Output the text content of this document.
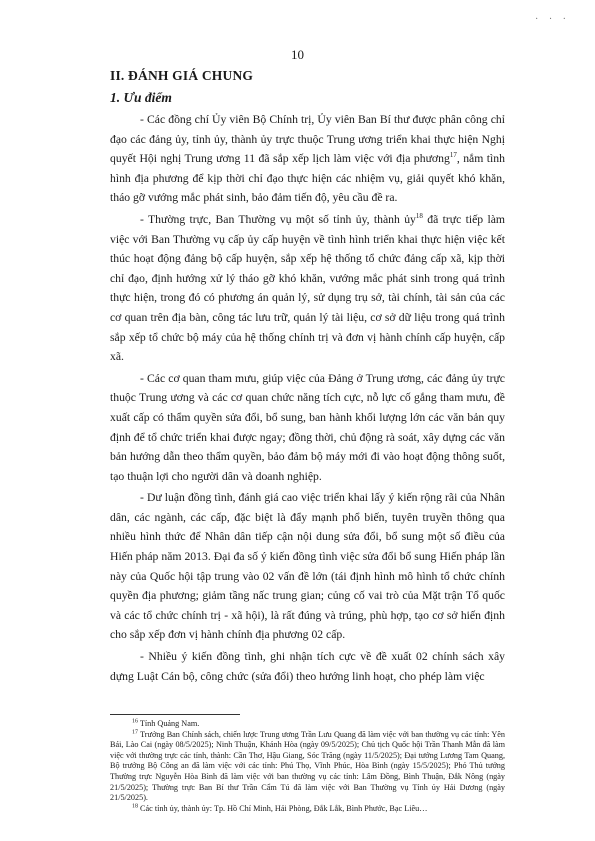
· · ·
10
II. ĐÁNH GIÁ CHUNG
1. Ưu điểm

- Các đồng chí Ủy viên Bộ Chính trị, Ủy viên Ban Bí thư được phân công chỉ đạo các đảng ủy, tỉnh ủy, thành ủy trực thuộc Trung ương triển khai thực hiện Nghị quyết Hội nghị Trung ương 11 đã sắp xếp lịch làm việc với địa phương$^{17}$, nắm tình hình địa phương để kịp thời chỉ đạo thực hiện các nhiệm vụ, giải quyết khó khăn, tháo gỡ vướng mắc phát sinh, bảo đảm tiến độ, yêu cầu đề ra.

- Thường trực, Ban Thường vụ một số tỉnh ủy, thành ủy$^{18}$ đã trực tiếp làm việc với Ban Thường vụ cấp ủy cấp huyện về tình hình triển khai thực hiện việc kết thúc hoạt động đảng bộ cấp huyện, sắp xếp hệ thống tổ chức đảng cấp xã, kịp thời chỉ đạo, định hướng xử lý tháo gỡ khó khăn, vướng mắc phát sinh trong quá trình thực hiện, trong đó có phương án quản lý, sử dụng trụ sở, tài chính, tài sản của các cơ quan trên địa bàn, công tác lưu trữ, quản lý tài liệu, cơ sở dữ liệu trong quá trình sắp xếp tổ chức bộ máy của hệ thống chính trị và đơn vị hành chính cấp huyện, cấp xã.

- Các cơ quan tham mưu, giúp việc của Đảng ở Trung ương, các đảng ủy trực thuộc Trung ương và các cơ quan chức năng tích cực, nỗ lực cố gắng tham mưu, đề xuất cấp có thẩm quyền sửa đổi, bổ sung, ban hành khối lượng lớn các văn bản quy định để tổ chức triển khai được ngay; đồng thời, chủ động rà soát, xây dựng các văn bản hướng dẫn theo thẩm quyền, bảo đảm bộ máy mới đi vào hoạt động thông suốt, tạo thuận lợi cho người dân và doanh nghiệp.

- Dư luận đồng tình, đánh giá cao việc triển khai lấy ý kiến rộng rãi của Nhân dân, các ngành, các cấp, đặc biệt là đẩy mạnh phổ biến, tuyên truyền thông qua nhiều hình thức để Nhân dân tiếp cận nội dung sửa đổi, bổ sung một số điều của Hiến pháp năm 2013. Đại đa số ý kiến đồng tình việc sửa đổi bổ sung Hiến pháp lần này của Quốc hội tập trung vào 02 vấn đề lớn (tái định hình mô hình tổ chức chính quyền địa phương; giảm tầng nấc trung gian; củng cố vai trò của Mặt trận Tổ quốc và các tổ chức chính trị - xã hội), là rất đúng và trúng, phù hợp, tạo cơ sở hiến định cho sắp xếp đơn vị hành chính địa phương 02 cấp.

- Nhiều ý kiến đồng tình, ghi nhận tích cực về đề xuất 02 chính sách xây dựng Luật Cán bộ, công chức (sửa đổi) theo hướng linh hoạt, cho phép làm việc

$^{16}$ Tỉnh Quảng Nam.

$^{17}$ Trưởng Ban Chính sách, chiến lược Trung ương Trần Lưu Quang đã làm việc với ban thường vụ các tỉnh: Yên Bái, Lào Cai (ngày 08/5/2025); Ninh Thuận, Khánh Hòa (ngày 09/5/2025); Chủ tịch Quốc hội Trần Thanh Mẫn đã làm việc với thường trực các tỉnh, thành: Cần Thơ, Hậu Giang, Sóc Trăng (ngày 11/5/2025); Đại tướng Lương Tam Quang, Bộ trưởng Bộ Công an đã làm việc với các tỉnh: Phú Thọ, Vĩnh Phúc, Hòa Bình (ngày 15/5/2025); Phó Thủ tướng Thường trực Nguyễn Hòa Bình đã làm việc với ban thường vụ các tỉnh: Lâm Đồng, Bình Thuận, Đắk Nông (ngày 21/5/2025); Thường trực Ban Bí thư Trần Cẩm Tú đã làm việc với Ban Thường vụ Tỉnh ủy Hải Dương (ngày 21/5/2025).

$^{18}$ Các tỉnh ủy, thành ủy: Tp. Hồ Chí Minh, Hải Phòng, Đắk Lắk, Bình Phước, Bạc Liêu…
